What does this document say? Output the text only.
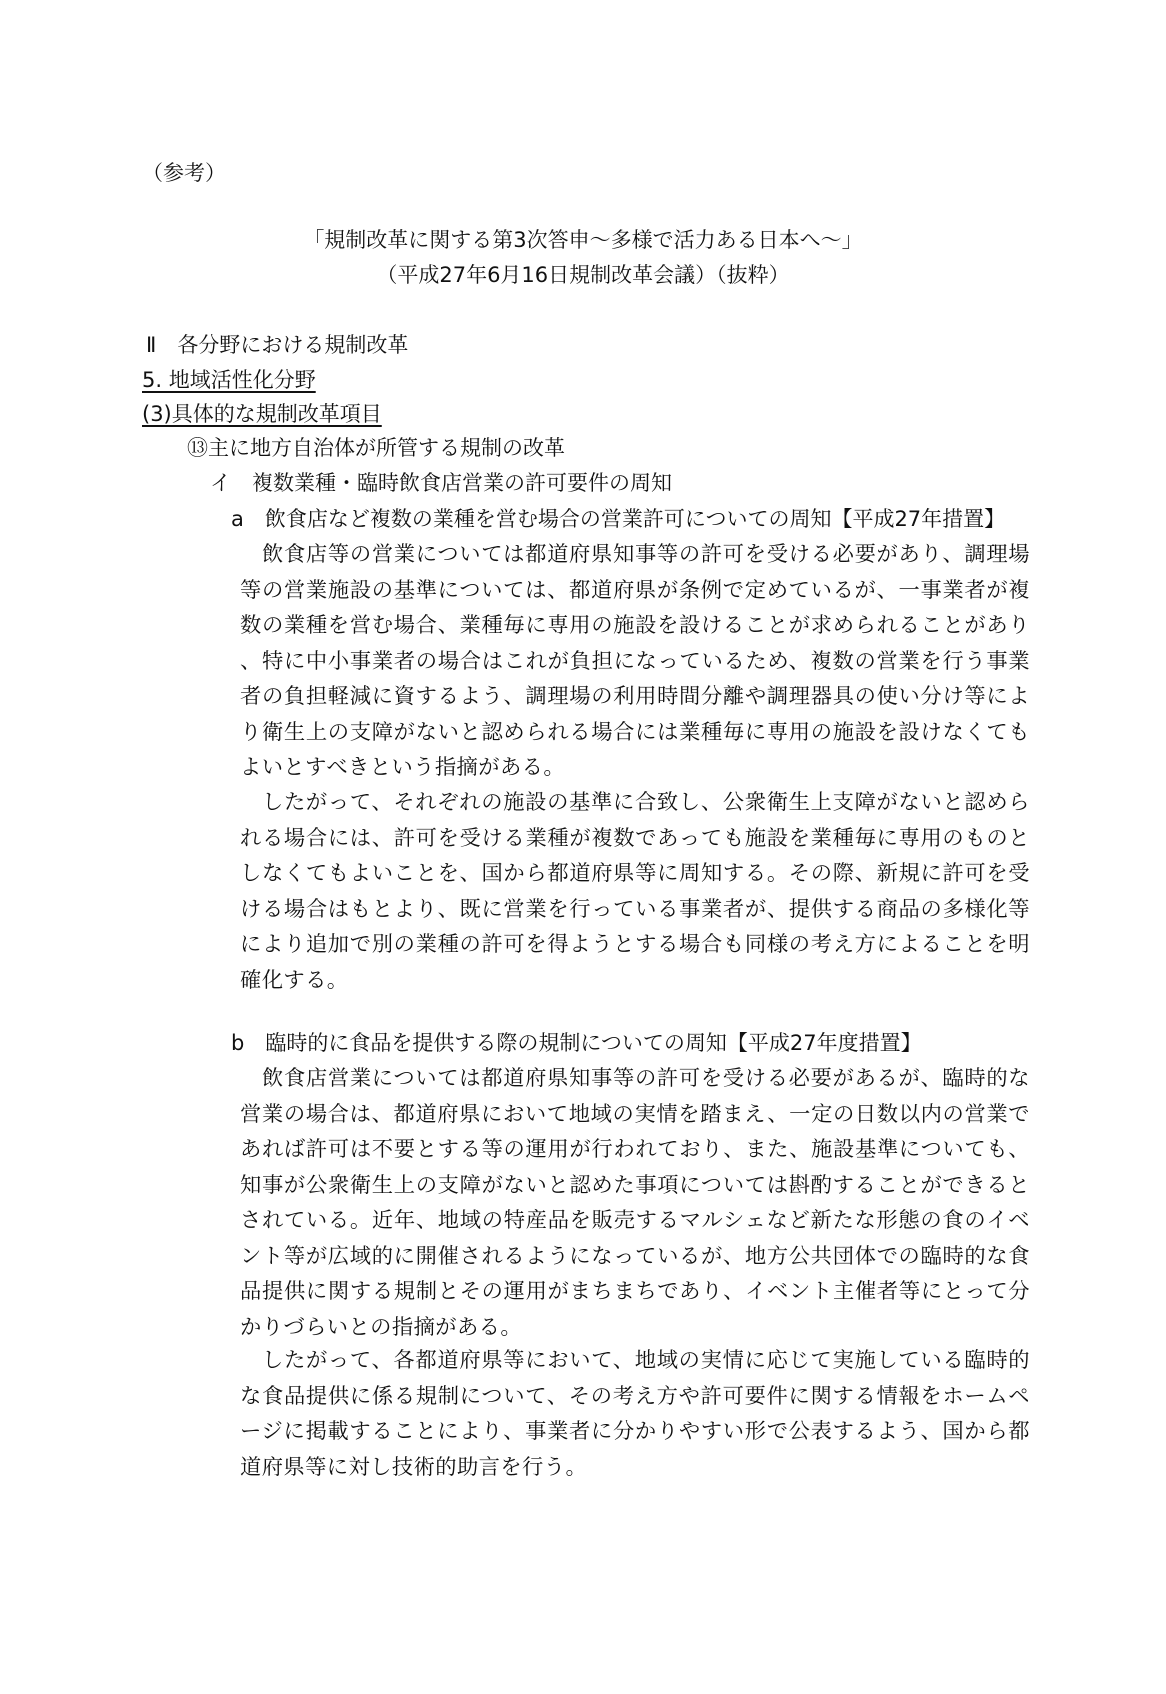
（参考）
「規制改革に関する第3次答申～多様で活力ある日本へ～」
（平成27年6月16日規制改革会議）（抜粋）
Ⅱ　各分野における規制改革
5. 地域活性化分野
(3)具体的な規制改革項目
⑬主に地方自治体が所管する規制の改革
イ　複数業種・臨時飲食店営業の許可要件の周知
a　飲食店など複数の業種を営む場合の営業許可についての周知【平成27年措置】
飲食店等の営業については都道府県知事等の許可を受ける必要があり、調理場等の営業施設の基準については、都道府県が条例で定めているが、一事業者が複数の業種を営む場合、業種毎に専用の施設を設けることが求められることがあり、特に中小事業者の場合はこれが負担になっているため、複数の営業を行う事業者の負担軽減に資するよう、調理場の利用時間分離や調理器具の使い分け等により衛生上の支障がないと認められる場合には業種毎に専用の施設を設けなくてもよいとすべきという指摘がある。
したがって、それぞれの施設の基準に合致し、公衆衛生上支障がないと認められる場合には、許可を受ける業種が複数であっても施設を業種毎に専用のものとしなくてもよいことを、国から都道府県等に周知する。その際、新規に許可を受ける場合はもとより、既に営業を行っている事業者が、提供する商品の多様化等により追加で別の業種の許可を得ようとする場合も同様の考え方によることを明確化する。
b　臨時的に食品を提供する際の規制についての周知【平成27年度措置】
飲食店営業については都道府県知事等の許可を受ける必要があるが、臨時的な営業の場合は、都道府県において地域の実情を踏まえ、一定の日数以内の営業であれば許可は不要とする等の運用が行われており、また、施設基準についても、知事が公衆衛生上の支障がないと認めた事項については斟酌することができるとされている。近年、地域の特産品を販売するマルシェなど新たな形態の食のイベント等が広域的に開催されるようになっているが、地方公共団体での臨時的な食品提供に関する規制とその運用がまちまちであり、イベント主催者等にとって分かりづらいとの指摘がある。
したがって、各都道府県等において、地域の実情に応じて実施している臨時的な食品提供に係る規制について、その考え方や許可要件に関する情報をホームページに掲載することにより、事業者に分かりやすい形で公表するよう、国から都道府県等に対し技術的助言を行う。
